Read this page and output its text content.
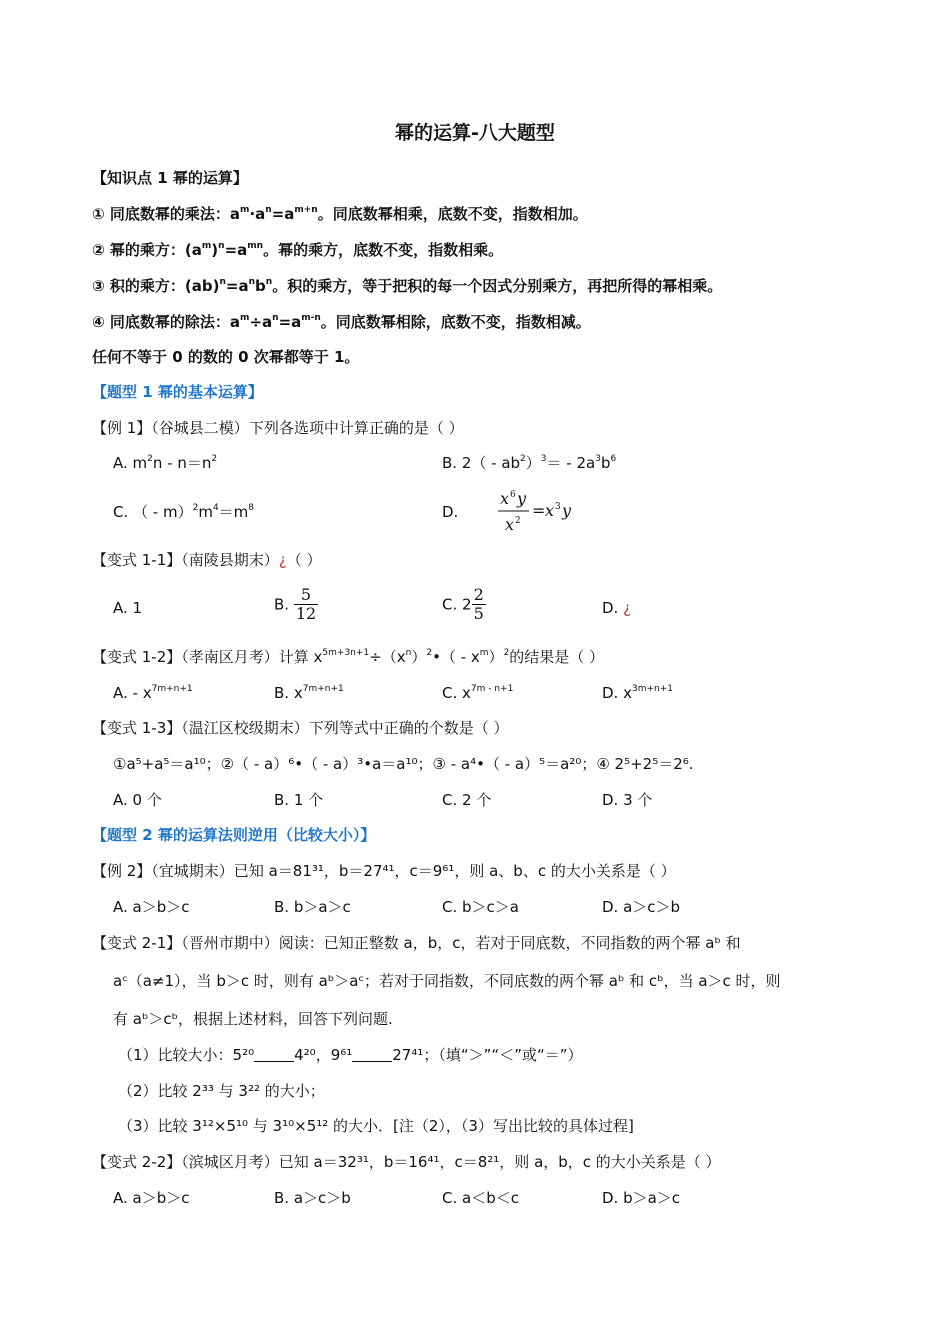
幂的运算-八大题型
【知识点 1 幂的运算】
① 同底数幂的乘法：$a^m\cdot a^n=a^{m+n}$。同底数幂相乘，底数不变，指数相加。
② 幂的乘方：$(a^m)^n=a^{mn}$。幂的乘方，底数不变，指数相乘。
③ 积的乘方：$(ab)^n=a^nb^n$。积的乘方，等于把积的每一个因式分别乘方，再把所得的幂相乘。
④ 同底数幂的除法：$a^m\div a^n=a^{m-n}$。同底数幂相除，底数不变，指数相减。
任何不等于 0 的数的 0 次幂都等于 1。
【题型 1 幂的基本运算】
【例 1】（谷城县二模）下列各选项中计算正确的是（ ）
A. $m^2n - n=n^2$	B. $2( - ab^2)^3= - 2a^3b^6$
C. （ - $m)^2m^4=m^8$	D.
x 6 y
x 2
= x 3 y
【变式 1-1】（南陵县期末）¿（ ）
A. 1	B. $\frac{5}{12}$	C. $2 \frac{2}{5}$	D. ¿
【变式 1-2】（孝南区月考）计算 $x^{5m+3n+1}\div(x^n)^2•( - x^m)^2$的结果是（ ）
A. - $x^{7m+n+1}$	B. $x^{7m+n+1}$	C. $x^{7m - n+1}$	D. $x^{3m+n+1}$
【变式 1-3】（温江区校级期末）下列等式中正确的个数是（ ）
①a⁵+a⁵＝a¹⁰；②（ - a）⁶•（ - a）³•a＝a¹⁰；③ - a⁴•（ - a）⁵＝a²⁰；④ 2⁵+2⁵＝2⁶.
A. 0 个	B. 1 个	C. 2 个	D. 3 个
【题型 2 幂的运算法则逆用（比较大小）】
【例 2】（宜城期末）已知 a＝81³¹，b＝27⁴¹，c＝9⁶¹，则 a、b、c 的大小关系是（ ）
A. a＞b＞c	B. b＞a＞c	C. b＞c＞a	D. a＞c＞b
【变式 2-1】（晋州市期中）阅读：已知正整数 a，b，c，若对于同底数，不同指数的两个幂 aᵇ 和
aᶜ（a≠1），当 b＞c 时，则有 aᵇ＞aᶜ；若对于同指数，不同底数的两个幂 aᵇ 和 cᵇ，当 a＞c 时，则
有 aᵇ＞cᵇ，根据上述材料，回答下列问题.
（1）比较大小：5²⁰	4²⁰，9⁶¹	27⁴¹；（填“＞”“＜”或“＝”）
（2）比较 2³³ 与 3²² 的大小；
（3）比较 3¹²×5¹⁰ 与 3¹⁰×5¹² 的大小．[注（2），（3）写出比较的具体过程]
【变式 2-2】（滨城区月考）已知 a＝32³¹，b＝16⁴¹，c＝8²¹，则 a，b，c 的大小关系是（ ）
A. a＞b＞c	B. a＞c＞b	C. a＜b＜c	D. b＞a＞c
